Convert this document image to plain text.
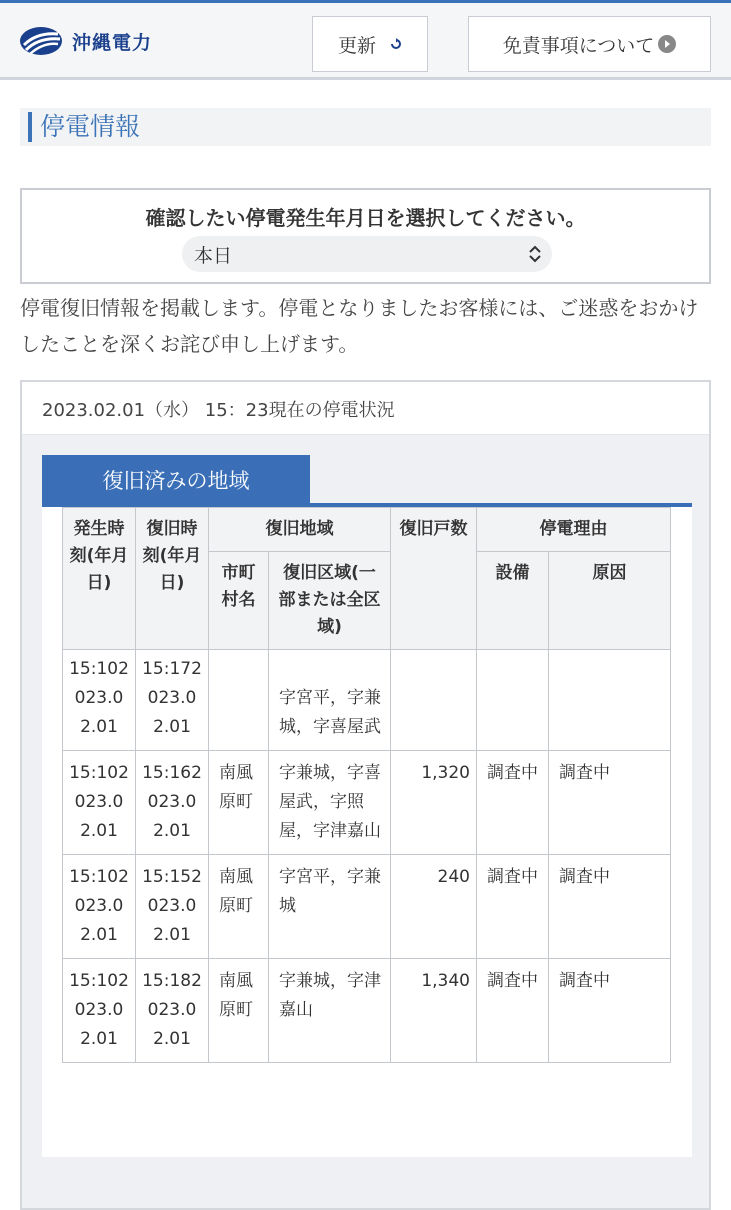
沖縄電力	更新	免責事項について
停電情報
確認したい停電発生年月日を選択してください。
本日

停電復旧情報を掲載します。停電となりましたお客様には、ご迷惑をおかけしたことを深くお詫び申し上げます。

2023.02.01（水） 15：23現在の停電状況
復旧済みの地域
発生時刻(年月日)	復旧時刻(年月日)	復旧地域		復旧戸数	停電理由	
		市町村名	復旧区域(一部または全区域)		設備	原因

15:102023.02.01	15:172023.02.01		字宮平，字兼城，字喜屋武			

15:102023.02.01	15:162023.02.01	南風原町	字兼城，字喜屋武，字照屋，字津嘉山	1,320	調査中	調査中
15:102023.02.01	15:152023.02.01	南風原町	字宮平，字兼城	240	調査中	調査中
15:102023.02.01	15:182023.02.01	南風原町	字兼城，字津嘉山	1,340	調査中	調査中
